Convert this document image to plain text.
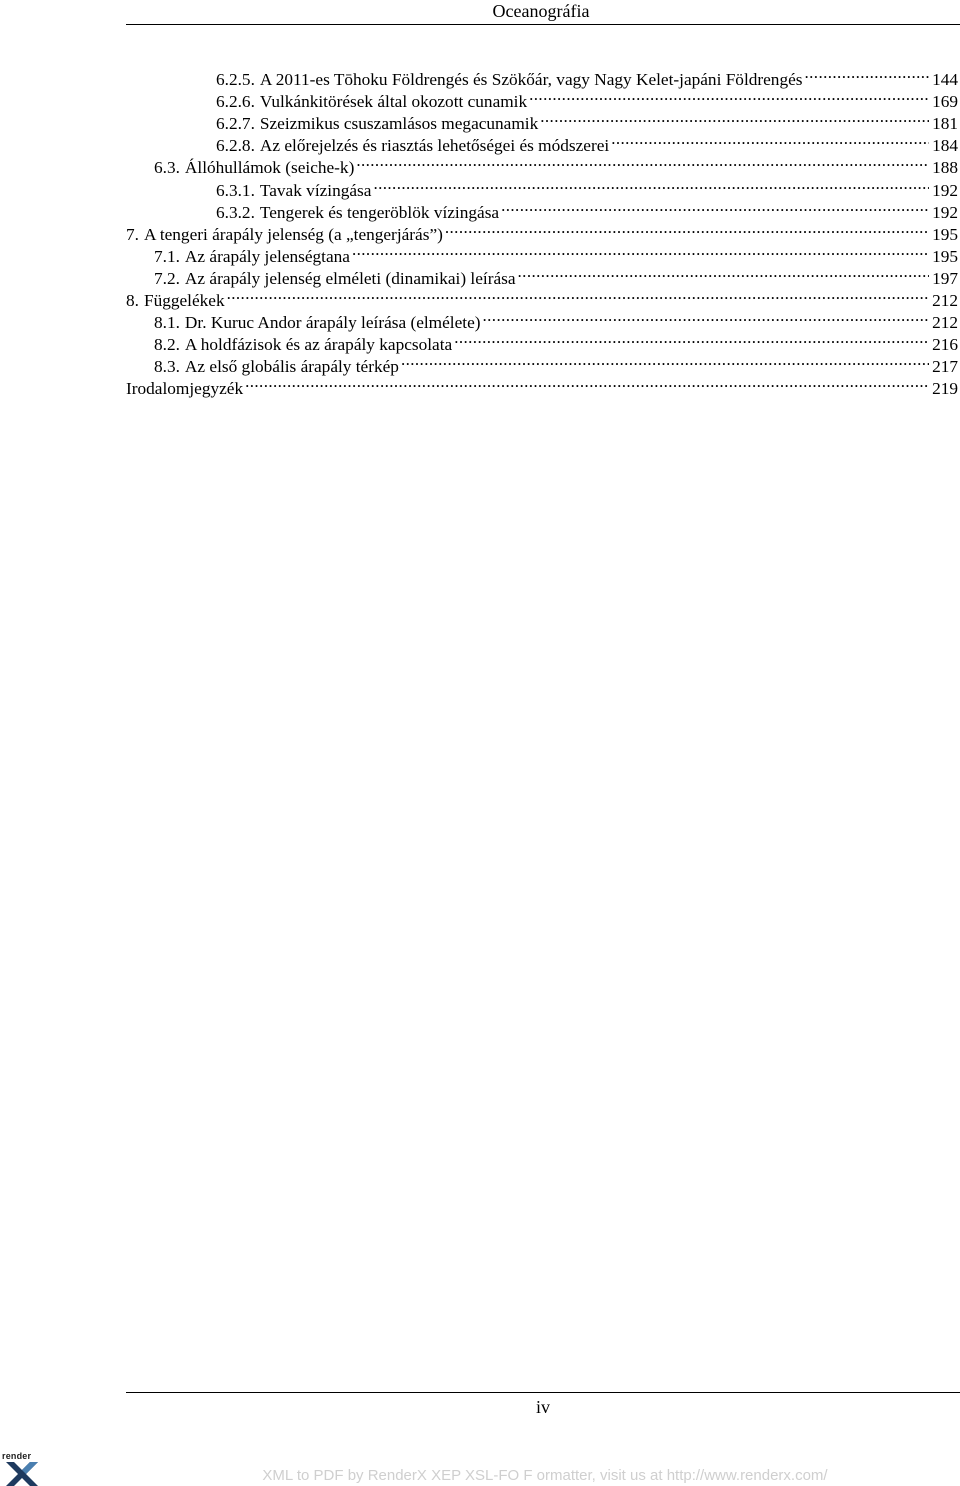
Oceanográfia
6.2.5. A 2011-es Tōhoku Földrengés és Szökőár, vagy Nagy Kelet-japáni Földrengés .....	144
6.2.6. Vulkánkitörések által okozott cunamik .....	169
6.2.7. Szeizmikus csuszamlásos megacunamik .....	181
6.2.8. Az előrejelzés és riasztás lehetőségei és módszerei .....	184
6.3. Állóhullámok (seiche-k) .....	188
6.3.1. Tavak vízingása .....	192
6.3.2. Tengerek és tengeröblök vízingása .....	192
7. A tengeri árapály jelenség (a „tengerjárás”) .....	195
7.1. Az árapály jelenségtana .....	195
7.2. Az árapály jelenség elméleti (dinamikai) leírása .....	197
8. Függelékek .....	212
8.1. Dr. Kuruc Andor árapály leírása (elmélete) .....	212
8.2. A holdfázisok és az árapály kapcsolata .....	216
8.3. Az első globális árapály térkép .....	217
Irodalomjegyzék .....	219
iv
render
XML to PDF by RenderX XEP XSL-FO F ormatter, visit us at http://www.renderx.com/
